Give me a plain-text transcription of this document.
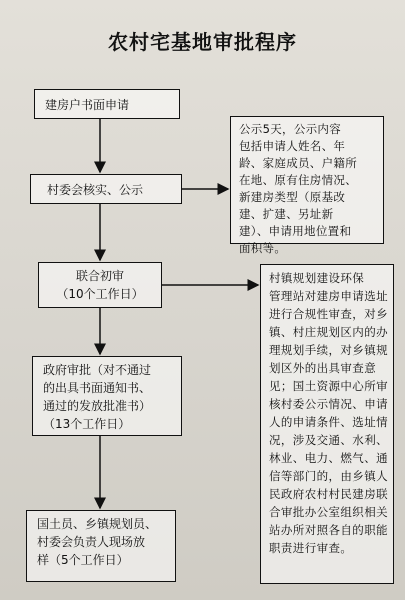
农村宅基地审批程序
建房户书面申请
村委会核实、公示
联合初审
（10个工作日）
政府审批（对不通过
的出具书面通知书、
通过的发放批准书）
（13个工作日）
国土员、乡镇规划员、
村委会负责人现场放
样（5个工作日）
公示5天，公示内容
包括申请人姓名、年
龄、家庭成员、户籍所
在地、原有住房情况、
新建房类型（原基改
建、扩建、另址新
建）、申请用地位置和
面积等。
村镇规划建设环保
管理站对建房申请选址
进行合规性审查，对乡
镇、村庄规划区内的办
理规划手续，对乡镇规
划区外的出具审查意
见；国土资源中心所审
核村委公示情况、申请
人的申请条件、选址情
况，涉及交通、水利、
林业、电力、燃气、通
信等部门的，由乡镇人
民政府农村村民建房联
合审批办公室组织相关
站办所对照各自的职能
职责进行审查。
